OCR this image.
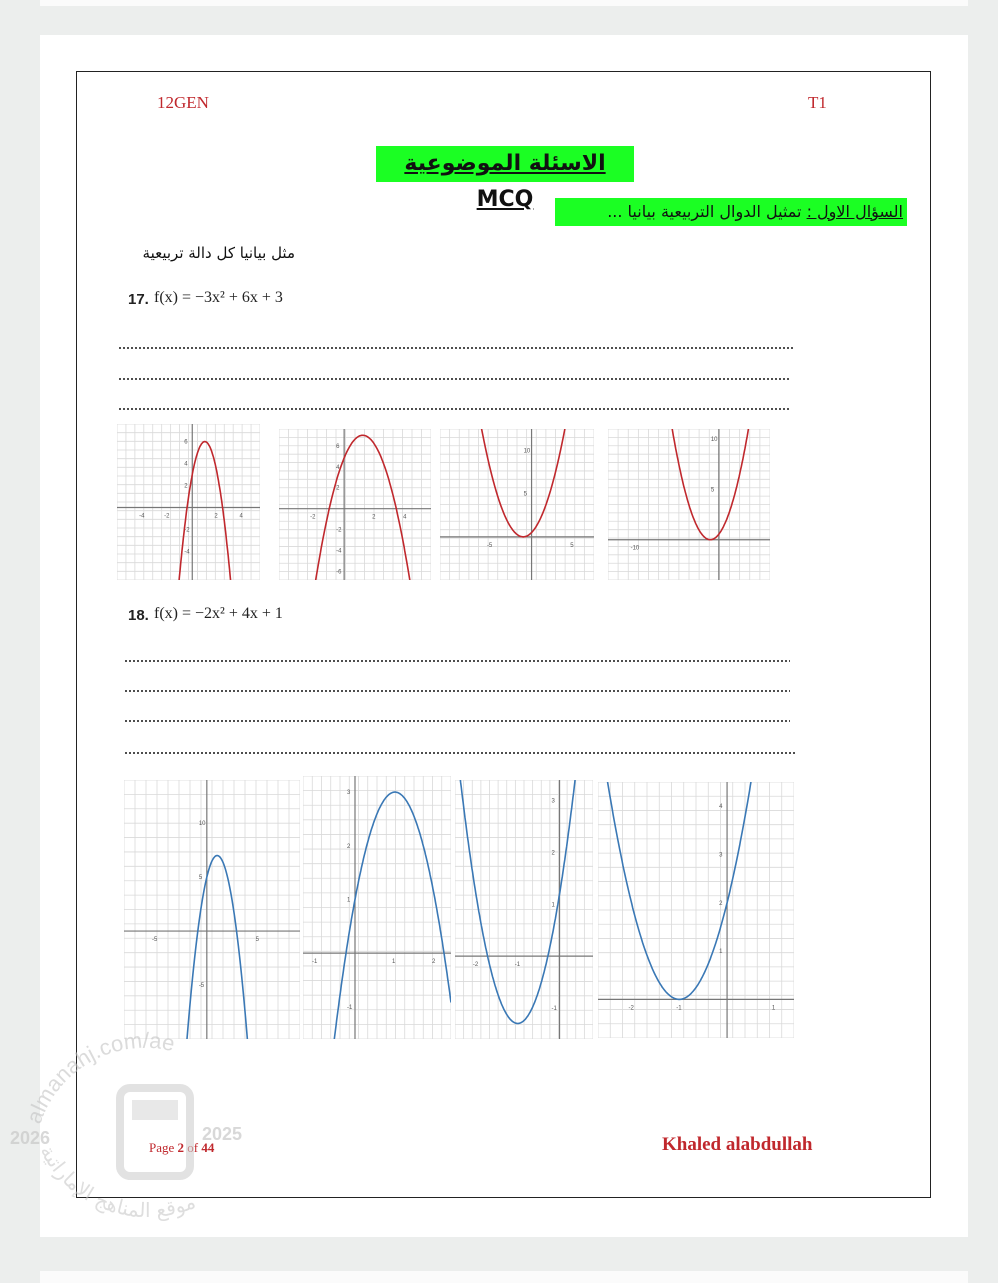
12GEN	T1
الاسئلة الموضوعية MCQ	السؤال الاول : تمثيل الدوال التربيعية بيانيا ...
مثل بيانيا كل دالة تربيعية
17. f(x) = −3x² + 6x + 3
-4	-2	2	4
6
4
2
-2
-4
-2	2	4
6
4
2
-2
-4
-6
-5	5
10
5
-10
10
5
18. f(x) = −2x² + 4x + 1
-5	5
10
5
-5
-1	1	2
3
2
1
-1
-2	-1
3
2
1
-1	-2	-1	1
4
3
2
1
Page 2 of 44	Khaled alabdullah
almanahj.com/ae
موقع المناهج الإماراتية
2026	2025
